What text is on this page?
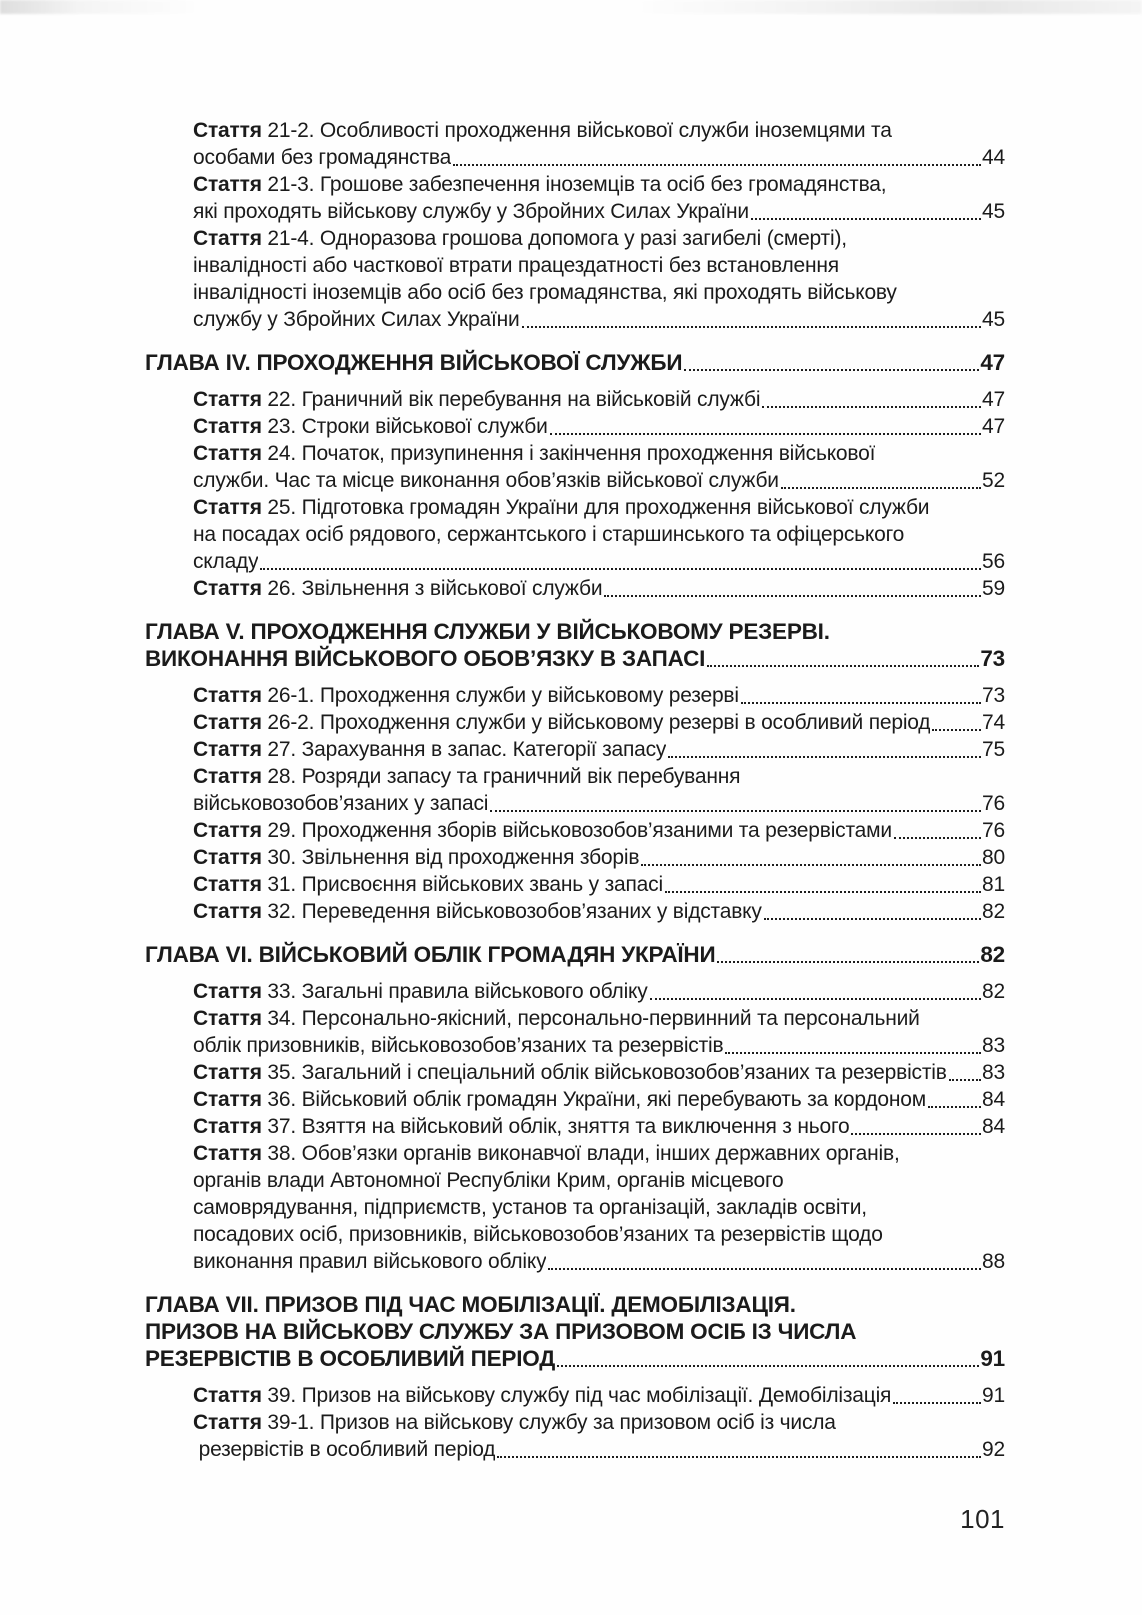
Стаття 21-2. Особливості проходження військової служби іноземцями та
особами без громадянства	44
Стаття 21-3. Грошове забезпечення іноземців та осіб без громадянства,
які проходять військову службу у Збройних Силах України	45
Стаття 21-4. Одноразова грошова допомога у разі загибелі (смерті),
інвалідності або часткової втрати працездатності без встановлення
інвалідності іноземців або осіб без громадянства, які проходять військову
службу у Збройних Силах України	45
ГЛАВА IV. ПРОХОДЖЕННЯ ВІЙСЬКОВОЇ СЛУЖБИ	47
Стаття 22. Граничний вік перебування на військовій службі	47
Стаття 23. Строки військової служби	47
Стаття 24. Початок, призупинення і закінчення проходження військової
служби. Час та місце виконання обов’язків військової служби	52
Стаття 25. Підготовка громадян України для проходження військової служби
на посадах осіб рядового, сержантського і старшинського та офіцерського
складу	56
Стаття 26. Звільнення з військової служби	59
ГЛАВА V. ПРОХОДЖЕННЯ СЛУЖБИ У ВІЙСЬКОВОМУ РЕЗЕРВІ.
ВИКОНАННЯ ВІЙСЬКОВОГО ОБОВ’ЯЗКУ В ЗАПАСІ	73
Стаття 26-1. Проходження служби у військовому резерві	73
Стаття 26-2. Проходження служби у військовому резерві в особливий період 74
Стаття 27. Зарахування в запас. Категорії запасу	75
Стаття 28. Розряди запасу та граничний вік перебування
військовозобов’язаних у запасі	76
Стаття 29. Проходження зборів військовозобов’язаними та резервістами	76
Стаття 30. Звільнення від проходження зборів	80
Стаття 31. Присвоєння військових звань у запасі	81
Стаття 32. Переведення військовозобов’язаних у відставку	82
ГЛАВА VI. ВІЙСЬКОВИЙ ОБЛІК ГРОМАДЯН УКРАЇНИ	82
Стаття 33. Загальні правила військового обліку	82
Стаття 34. Персонально-якісний, персонально-первинний та персональний
облік призовників, військовозобов’язаних та резервістів	83
Стаття 35. Загальний і спеціальний облік військовозобов’язаних та резервістів 83
Стаття 36. Військовий облік громадян України, які перебувають за кордоном	84
Стаття 37. Взяття на військовий облік, зняття та виключення з нього	84
Стаття 38. Обов’язки органів виконавчої влади, інших державних органів,
органів влади Автономної Республіки Крим, органів місцевого
самоврядування, підприємств, установ та організацій, закладів освіти,
посадових осіб, призовників, військовозобов’язаних та резервістів щодо
виконання правил військового обліку	88
ГЛАВА VII. ПРИЗОВ ПІД ЧАС МОБІЛІЗАЦІЇ. ДЕМОБІЛІЗАЦІЯ.
ПРИЗОВ НА ВІЙСЬКОВУ СЛУЖБУ ЗА ПРИЗОВОМ ОСІБ ІЗ ЧИСЛА
РЕЗЕРВІСТІВ В ОСОБЛИВИЙ ПЕРІОД	91
Стаття 39. Призов на військову службу під час мобілізації. Демобілізація	91
Стаття 39-1. Призов на військову службу за призовом осіб із числа
резервістів в особливий період	92
101
